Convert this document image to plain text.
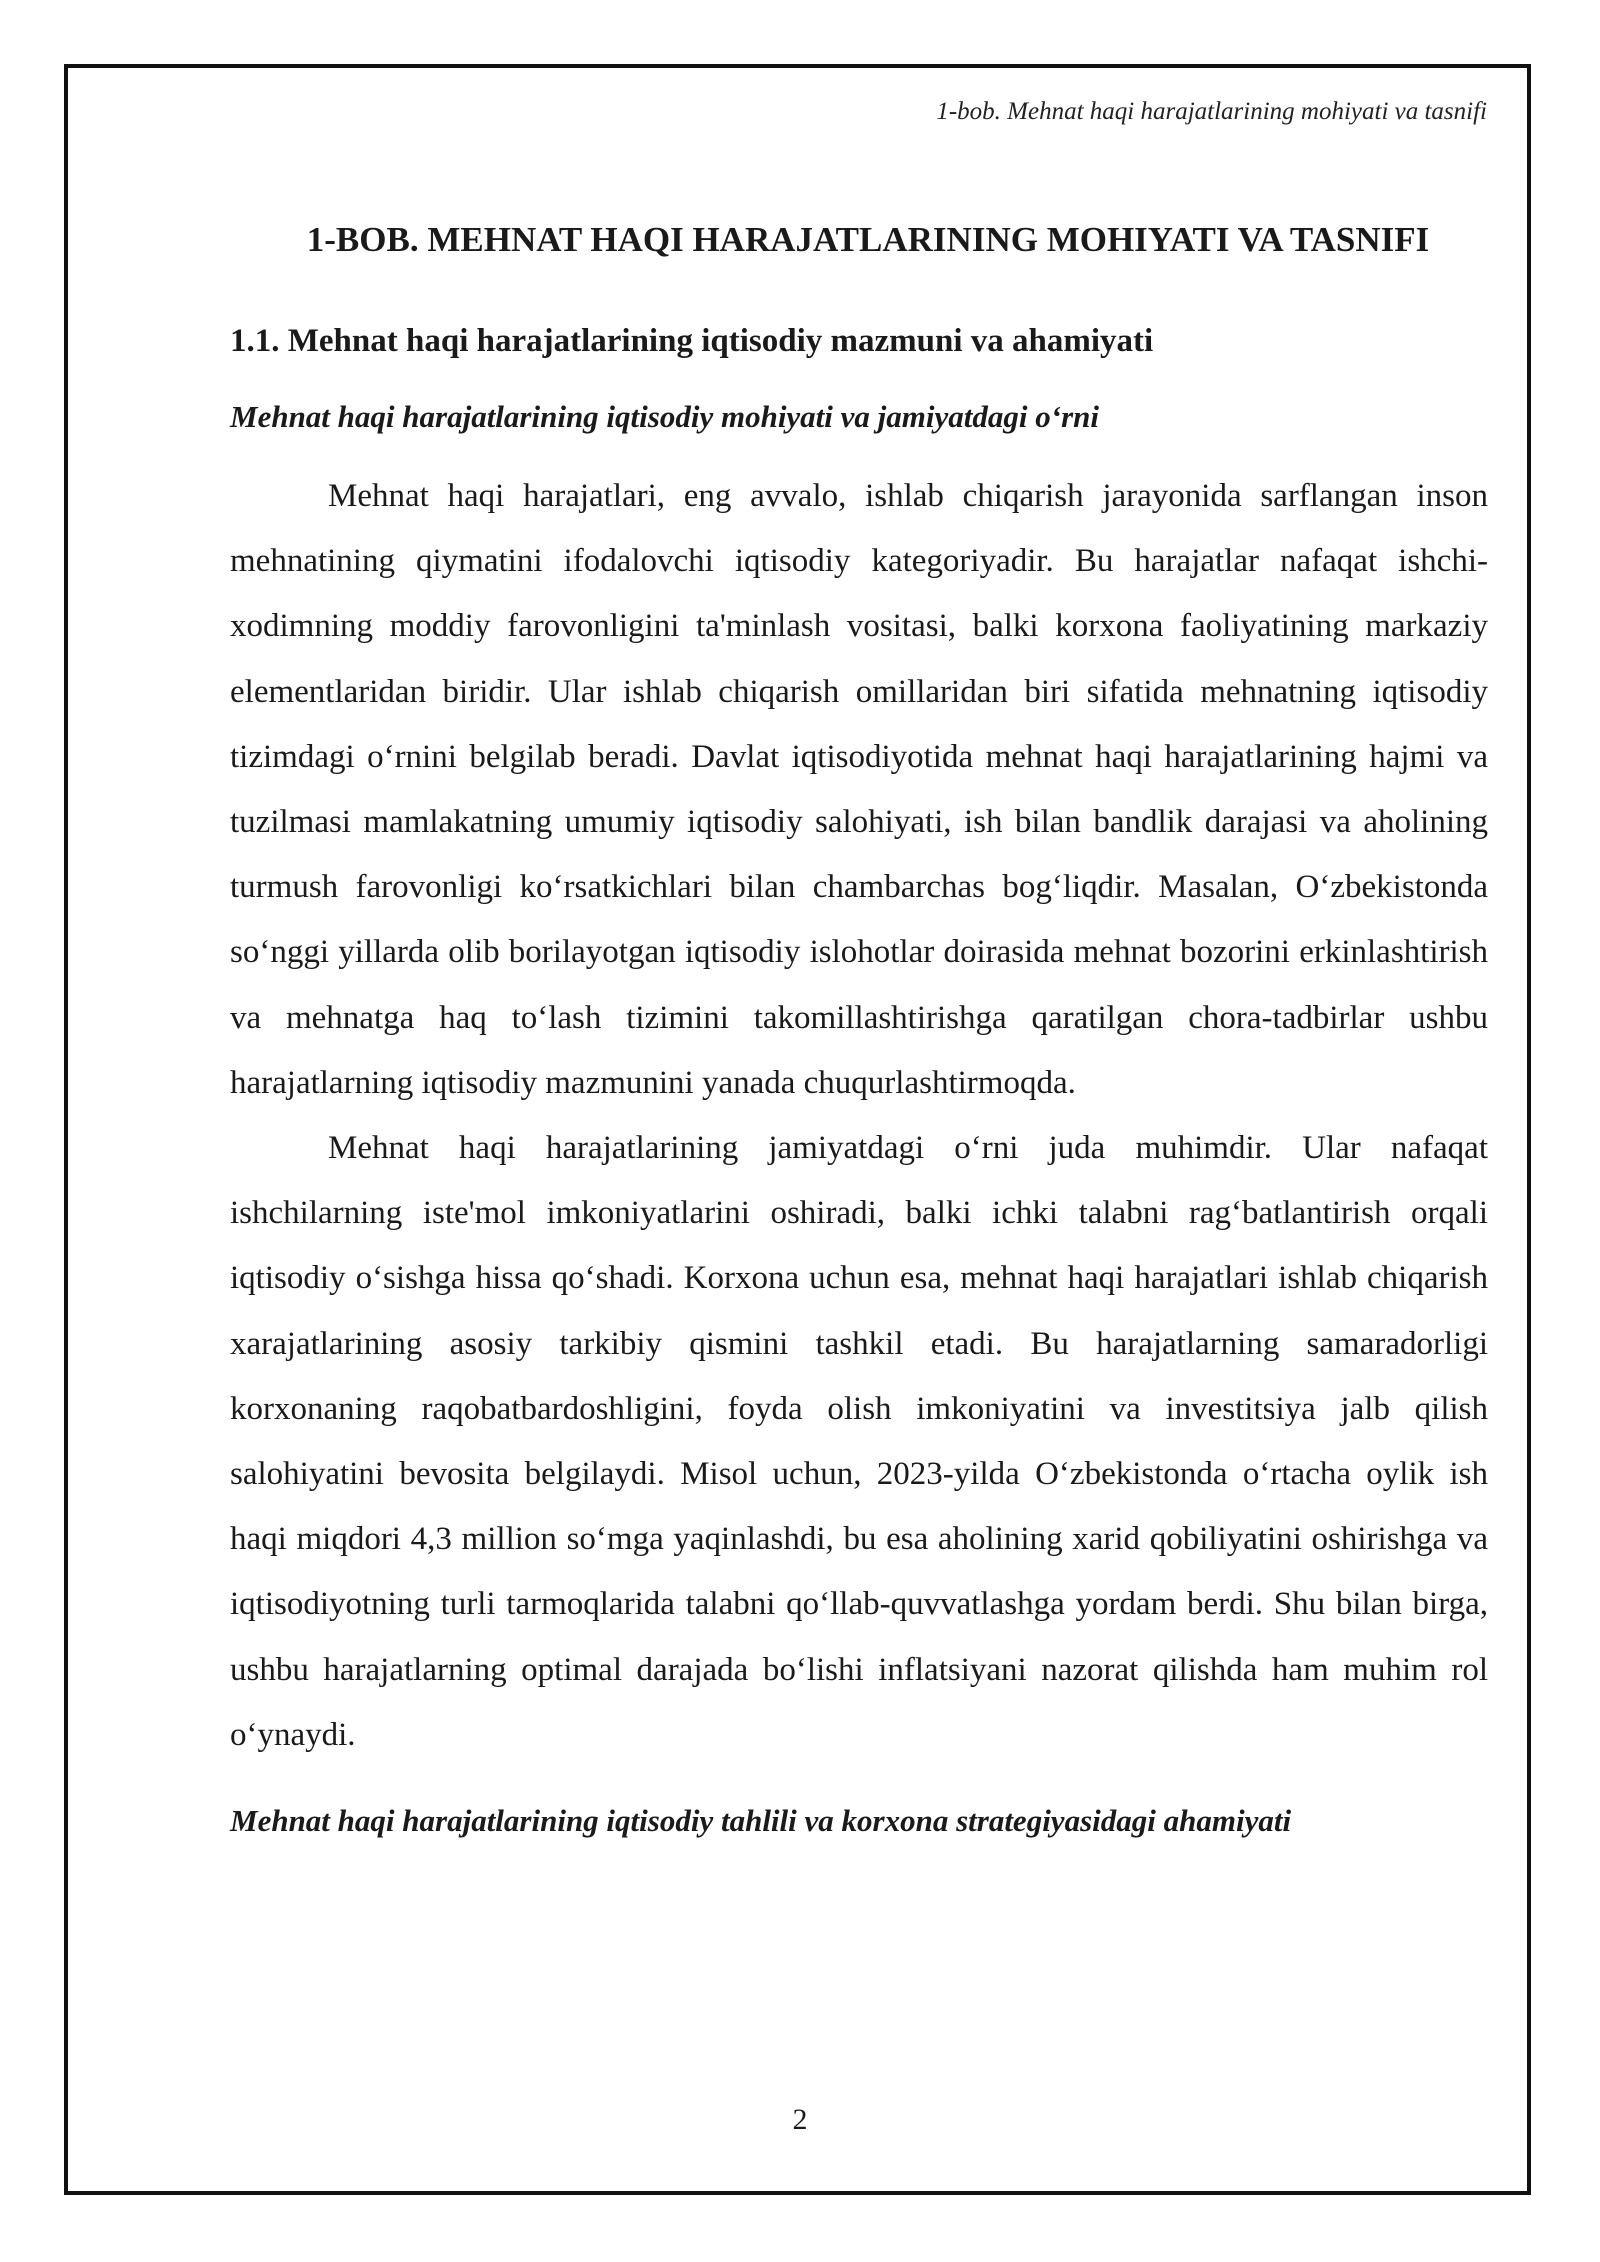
1-bob. Mehnat haqi harajatlarining mohiyati va tasnifi
1-BOB. MEHNAT HAQI HARAJATLARINING MOHIYATI VA TASNIFI
1.1. Mehnat haqi harajatlarining iqtisodiy mazmuni va ahamiyati
Mehnat haqi harajatlarining iqtisodiy mohiyati va jamiyatdagi o‘rni

Mehnat haqi harajatlari, eng avvalo, ishlab chiqarish jarayonida sarflangan inson mehnatining qiymatini ifodalovchi iqtisodiy kategoriyadir. Bu harajatlar nafaqat ishchi-xodimning moddiy farovonligini ta'minlash vositasi, balki korxona faoliyatining markaziy elementlaridan biridir. Ular ishlab chiqarish omillaridan biri sifatida mehnatning iqtisodiy tizimdagi o‘rnini belgilab beradi. Davlat iqtisodiyotida mehnat haqi harajatlarining hajmi va tuzilmasi mamlakatning umumiy iqtisodiy salohiyati, ish bilan bandlik darajasi va aholining turmush farovonligi ko‘rsatkichlari bilan chambarchas bog‘liqdir. Masalan, O‘zbekistonda so‘nggi yillarda olib borilayotgan iqtisodiy islohotlar doirasida mehnat bozorini erkinlashtirish va mehnatga haq to‘lash tizimini takomillashtirishga qaratilgan chora-tadbirlar ushbu harajatlarning iqtisodiy mazmunini yanada chuqurlashtirmoqda.

Mehnat haqi harajatlarining jamiyatdagi o‘rni juda muhimdir. Ular nafaqat ishchilarning iste'mol imkoniyatlarini oshiradi, balki ichki talabni rag‘batlantirish orqali iqtisodiy o‘sishga hissa qo‘shadi. Korxona uchun esa, mehnat haqi harajatlari ishlab chiqarish xarajatlarining asosiy tarkibiy qismini tashkil etadi. Bu harajatlarning samaradorligi korxonaning raqobatbardoshligini, foyda olish imkoniyatini va investitsiya jalb qilish salohiyatini bevosita belgilaydi. Misol uchun, 2023-yilda O‘zbekistonda o‘rtacha oylik ish haqi miqdori 4,3 million so‘mga yaqinlashdi, bu esa aholining xarid qobiliyatini oshirishga va iqtisodiyotning turli tarmoqlarida talabni qo‘llab-quvvatlashga yordam berdi. Shu bilan birga, ushbu harajatlarning optimal darajada bo‘lishi inflatsiyani nazorat qilishda ham muhim rol o‘ynaydi.

Mehnat haqi harajatlarining iqtisodiy tahlili va korxona strategiyasidagi ahamiyati
2
